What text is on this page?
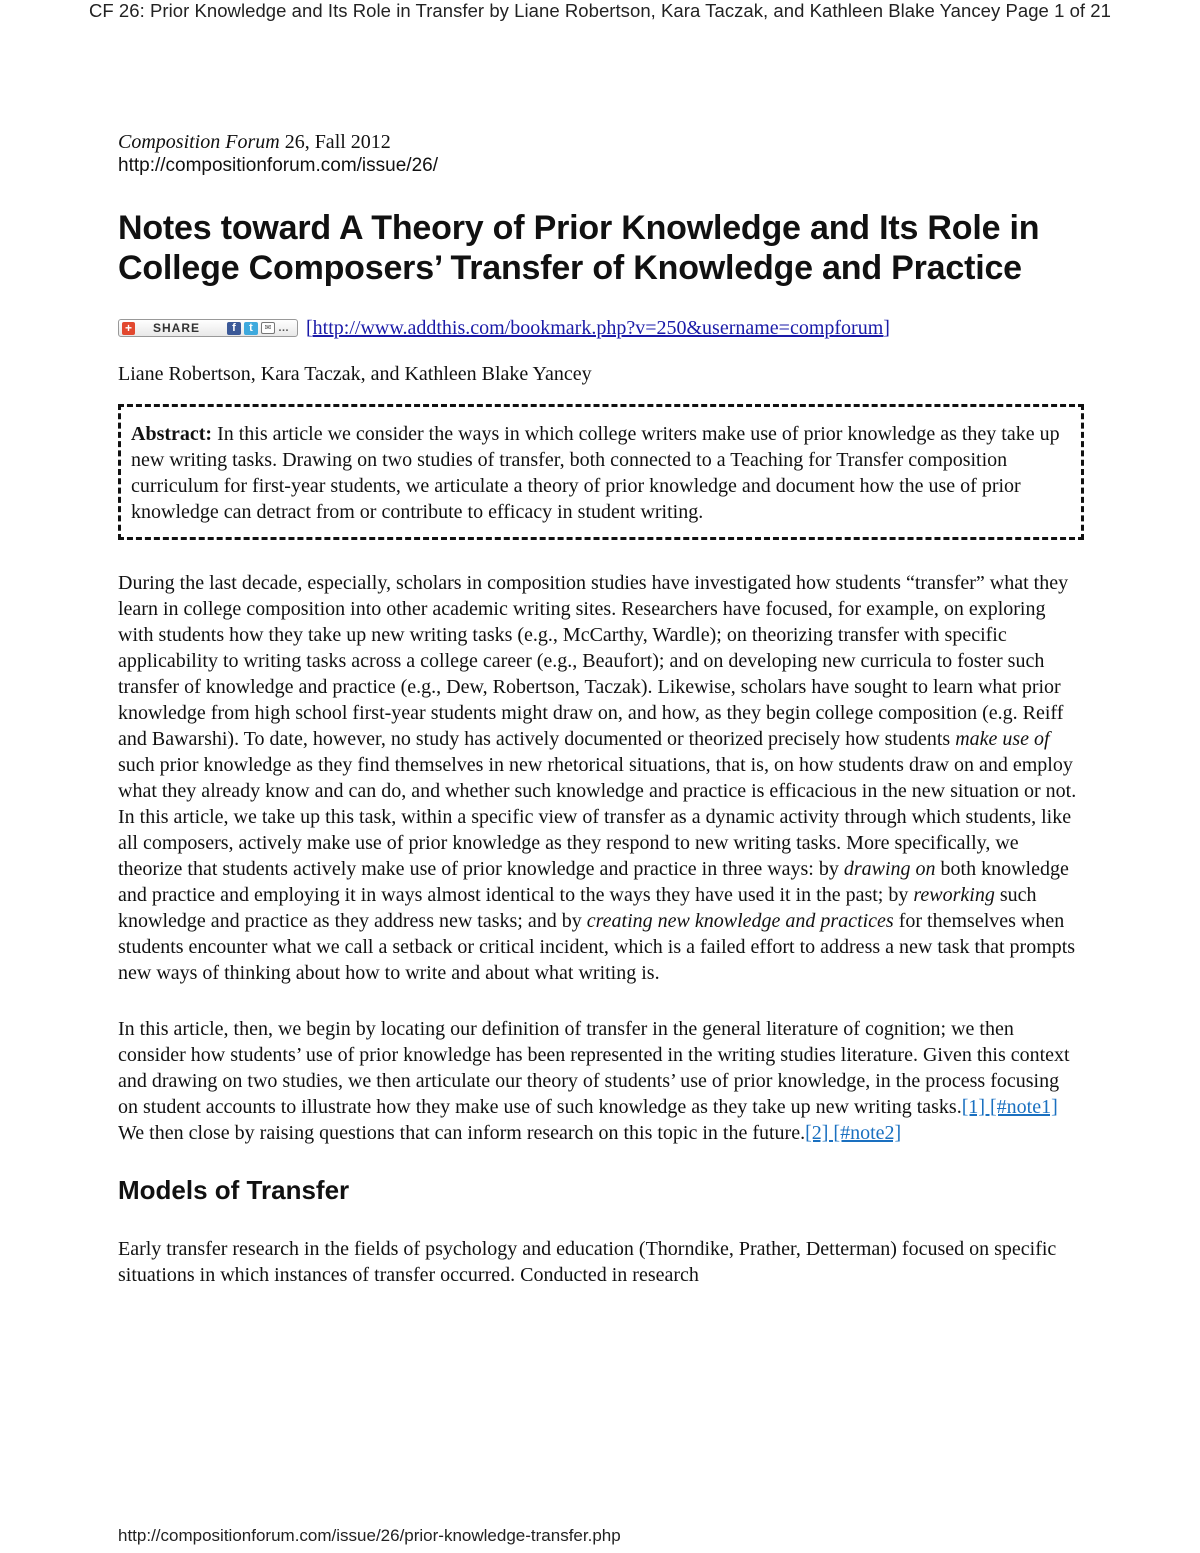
CF 26: Prior Knowledge and Its Role in Transfer by Liane Robertson, Kara Taczak, and Kathleen Blake Yancey Page 1 of 21
Composition Forum 26, Fall 2012
http://compositionforum.com/issue/26/
Notes toward A Theory of Prior Knowledge and Its Role in College Composers’ Transfer of Knowledge and Practice
+ SHARE	f	t	✉ … [http://www.addthis.com/bookmark.php?v=250&username=compforum]
Liane Robertson, Kara Taczak, and Kathleen Blake Yancey
Abstract: In this article we consider the ways in which college writers make use of prior knowledge as they take up new writing tasks. Drawing on two studies of transfer, both connected to a Teaching for Transfer composition curriculum for first-year students, we articulate a theory of prior knowledge and document how the use of prior knowledge can detract from or contribute to efficacy in student writing.

During the last decade, especially, scholars in composition studies have investigated how students “transfer” what they learn in college composition into other academic writing sites. Researchers have focused, for example, on exploring with students how they take up new writing tasks (e.g., McCarthy, Wardle); on theorizing transfer with specific applicability to writing tasks across a college career (e.g., Beaufort); and on developing new curricula to foster such transfer of knowledge and practice (e.g., Dew, Robertson, Taczak). Likewise, scholars have sought to learn what prior knowledge from high school first-year students might draw on, and how, as they begin college composition (e.g. Reiff and Bawarshi). To date, however, no study has actively documented or theorized precisely how students make use of such prior knowledge as they find themselves in new rhetorical situations, that is, on how students draw on and employ what they already know and can do, and whether such knowledge and practice is efficacious in the new situation or not. In this article, we take up this task, within a specific view of transfer as a dynamic activity through which students, like all composers, actively make use of prior knowledge as they respond to new writing tasks. More specifically, we theorize that students actively make use of prior knowledge and practice in three ways: by drawing on both knowledge and practice and employing it in ways almost identical to the ways they have used it in the past; by reworking such knowledge and practice as they address new tasks; and by creating new knowledge and practices for themselves when students encounter what we call a setback or critical incident, which is a failed effort to address a new task that prompts new ways of thinking about how to write and about what writing is.

In this article, then, we begin by locating our definition of transfer in the general literature of cognition; we then consider how students’ use of prior knowledge has been represented in the writing studies literature. Given this context and drawing on two studies, we then articulate our theory of students’ use of prior knowledge, in the process focusing on student accounts to illustrate how they make use of such knowledge as they take up new writing tasks.[1] [#note1] We then close by raising questions that can inform research on this topic in the future.[2] [#note2]

Models of Transfer

Early transfer research in the fields of psychology and education (Thorndike, Prather, Detterman) focused on specific situations in which instances of transfer occurred. Conducted in research

http://compositionforum.com/issue/26/prior-knowledge-transfer.php
